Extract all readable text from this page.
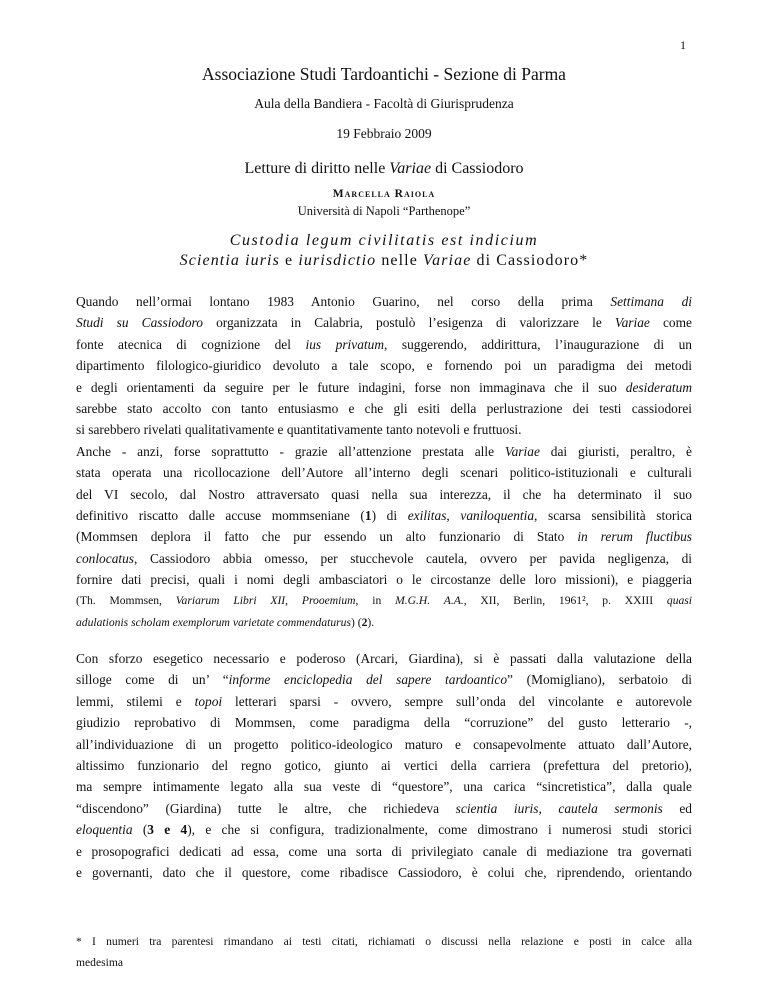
1
Associazione Studi Tardoantichi - Sezione di Parma
Aula della Bandiera - Facoltà di Giurisprudenza
19 Febbraio 2009
Letture di diritto nelle Variae di Cassiodoro
Marcella Raiola
Università di Napoli “Parthenope”
Custodia legum civilitatis est indicium
Scientia iuris e iurisdictio nelle Variae di Cassiodoro*
Quando nell’ormai lontano 1983 Antonio Guarino, nel corso della prima Settimana di
Studi su Cassiodoro organizzata in Calabria, postulò l’esigenza di valorizzare le Variae come
fonte atecnica di cognizione del ius privatum, suggerendo, addirittura, l’inaugurazione di un
dipartimento filologico-giuridico devoluto a tale scopo, e fornendo poi un paradigma dei metodi
e degli orientamenti da seguire per le future indagini, forse non immaginava che il suo desideratum
sarebbe stato accolto con tanto entusiasmo e che gli esiti della perlustrazione dei testi cassiodorei
si sarebbero rivelati qualitativamente e quantitativamente tanto notevoli e fruttuosi.
Anche - anzi, forse soprattutto - grazie all’attenzione prestata alle Variae dai giuristi, peraltro, è
stata operata una ricollocazione dell’Autore all’interno degli scenari politico-istituzionali e culturali
del VI secolo, dal Nostro attraversato quasi nella sua interezza, il che ha determinato il suo
definitivo riscatto dalle accuse mommseniane (1) di exilitas, vaniloquentia, scarsa sensibilità storica
(Mommsen deplora il fatto che pur essendo un alto funzionario di Stato in rerum fluctibus
conlocatus, Cassiodoro abbia omesso, per stucchevole cautela, ovvero per pavida negligenza, di
fornire dati precisi, quali i nomi degli ambasciatori o le circostanze delle loro missioni), e piaggeria
(Th. Mommsen, Variarum Libri XII, Prooemium, in M.G.H. A.A., XII, Berlin, 1961², p. XXIII quasi
adulationis scholam exemplorum varietate commendaturus) (2).
Con sforzo esegetico necessario e poderoso (Arcari, Giardina), si è passati dalla valutazione della
silloge come di un’ “informe enciclopedia del sapere tardoantico” (Momigliano), serbatoio di
lemmi, stilemi e topoi letterari sparsi - ovvero, sempre sull’onda del vincolante e autorevole
giudizio reprobativo di Mommsen, come paradigma della “corruzione” del gusto letterario -,
all’individuazione di un progetto politico-ideologico maturo e consapevolmente attuato dall’Autore,
altissimo funzionario del regno gotico, giunto ai vertici della carriera (prefettura del pretorio),
ma sempre intimamente legato alla sua veste di “questore”, una carica “sincretistica”, dalla quale
“discendono” (Giardina) tutte le altre, che richiedeva scientia iuris, cautela sermonis ed
eloquentia (3 e 4), e che si configura, tradizionalmente, come dimostrano i numerosi studi storici
e prosopografici dedicati ad essa, come una sorta di privilegiato canale di mediazione tra governati
e governanti, dato che il questore, come ribadisce Cassiodoro, è colui che, riprendendo, orientando
* I numeri tra parentesi rimandano ai testi citati, richiamati o discussi nella relazione e posti in calce alla
medesima
